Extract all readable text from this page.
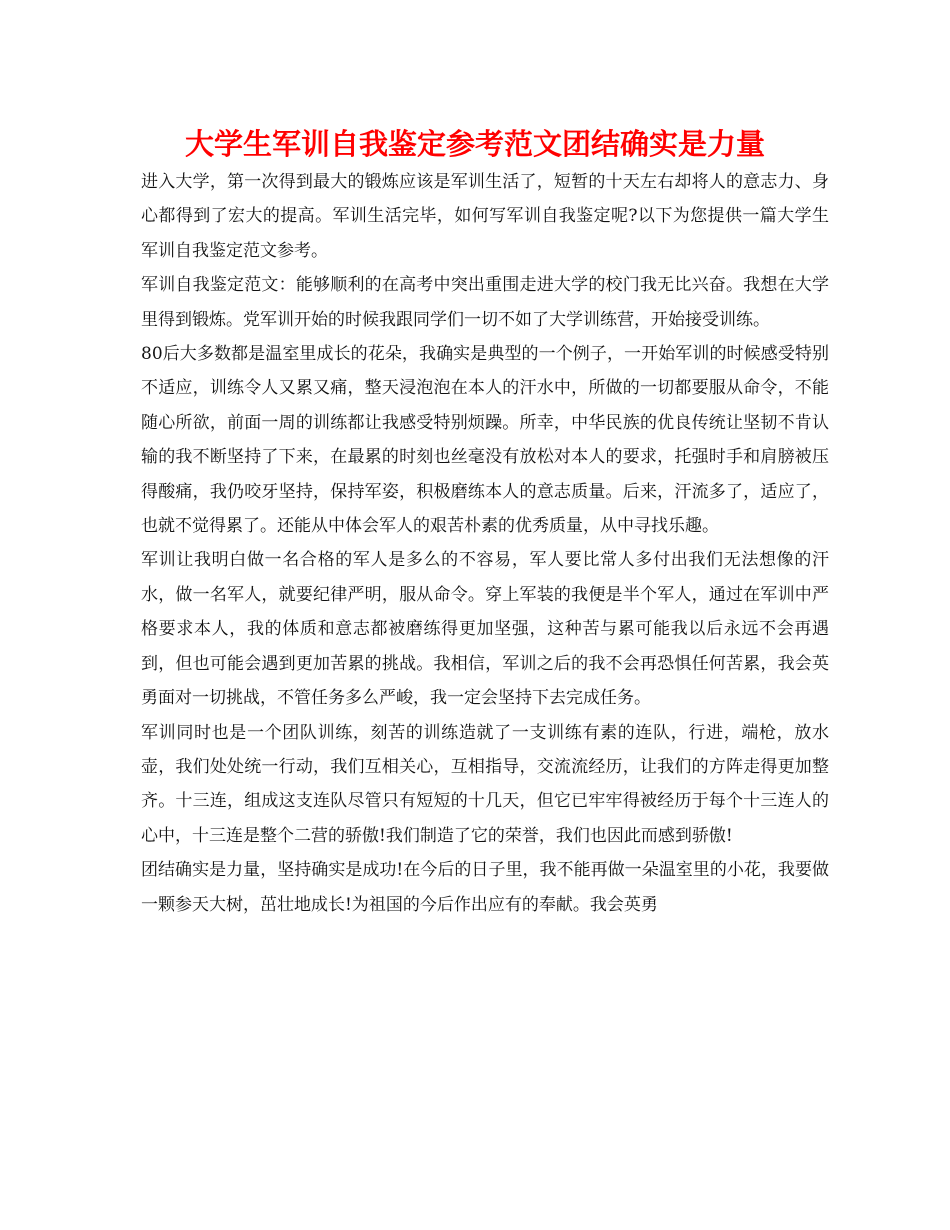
大学生军训自我鉴定参考范文团结确实是力量

进入大学，第一次得到最大的锻炼应该是军训生活了，短暂的十天左右却将人的意志力、身心都得到了宏大的提高。军训生活完毕，如何写军训自我鉴定呢?以下为您提供一篇大学生军训自我鉴定范文参考。

军训自我鉴定范文：能够顺利的在高考中突出重围走进大学的校门我无比兴奋。我想在大学里得到锻炼。党军训开始的时候我跟同学们一切不如了大学训练营，开始接受训练。

80后大多数都是温室里成长的花朵，我确实是典型的一个例子，一开始军训的时候感受特别不适应，训练令人又累又痛，整天浸泡泡在本人的汗水中，所做的一切都要服从命令，不能随心所欲，前面一周的训练都让我感受特别烦躁。所幸，中华民族的优良传统让坚韧不肯认输的我不断坚持了下来，在最累的时刻也丝毫没有放松对本人的要求，托强时手和肩膀被压得酸痛，我仍咬牙坚持，保持军姿，积极磨练本人的意志质量。后来，汗流多了，适应了，也就不觉得累了。还能从中体会军人的艰苦朴素的优秀质量，从中寻找乐趣。

军训让我明白做一名合格的军人是多么的不容易，军人要比常人多付出我们无法想像的汗水，做一名军人，就要纪律严明，服从命令。穿上军装的我便是半个军人，通过在军训中严格要求本人，我的体质和意志都被磨练得更加坚强，这种苦与累可能我以后永远不会再遇到，但也可能会遇到更加苦累的挑战。我相信，军训之后的我不会再恐惧任何苦累，我会英勇面对一切挑战，不管任务多么严峻，我一定会坚持下去完成任务。

军训同时也是一个团队训练，刻苦的训练造就了一支训练有素的连队，行进，端枪，放水壶，我们处处统一行动，我们互相关心，互相指导，交流流经历，让我们的方阵走得更加整齐。十三连，组成这支连队尽管只有短短的十几天，但它已牢牢得被经历于每个十三连人的心中，十三连是整个二营的骄傲!我们制造了它的荣誉，我们也因此而感到骄傲!

团结确实是力量，坚持确实是成功!在今后的日子里，我不能再做一朵温室里的小花，我要做一颗参天大树，茁壮地成长!为祖国的今后作出应有的奉献。我会英勇
